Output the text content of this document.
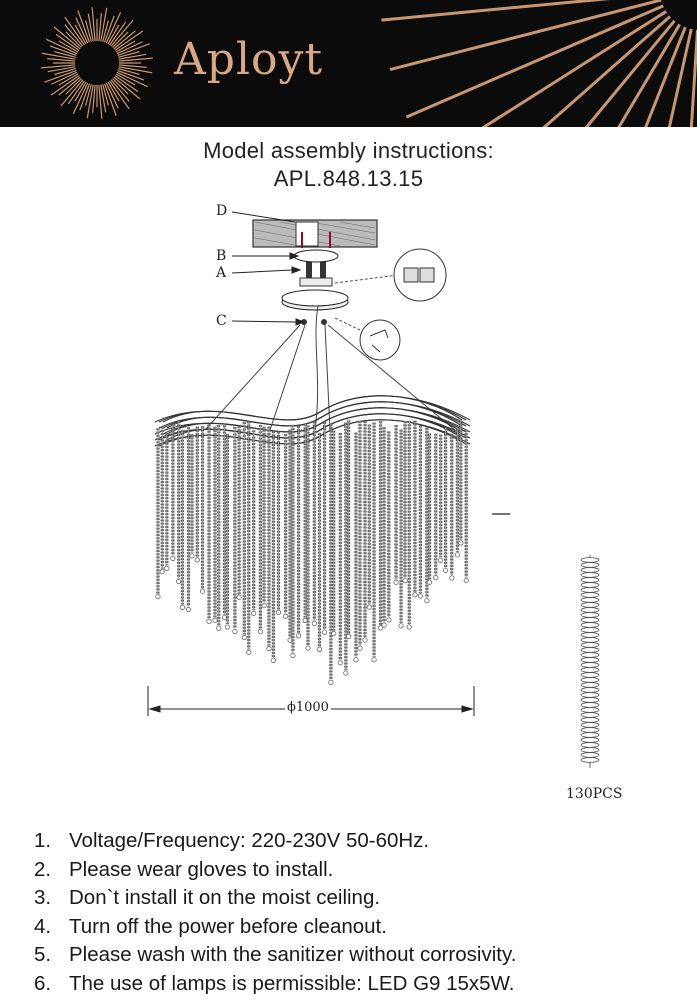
Aployt
Model assembly instructions:
APL.848.13.15
D
B
A
C
ϕ1000
130PCS
1. Voltage/Frequency: 220-230V 50-60Hz.
2. Please wear gloves to install.
3. Don`t install it on the moist ceiling.
4. Turn off the power before cleanout.
5. Please wash with the sanitizer without corrosivity.
6. The use of lamps is permissible: LED G9 15x5W.
